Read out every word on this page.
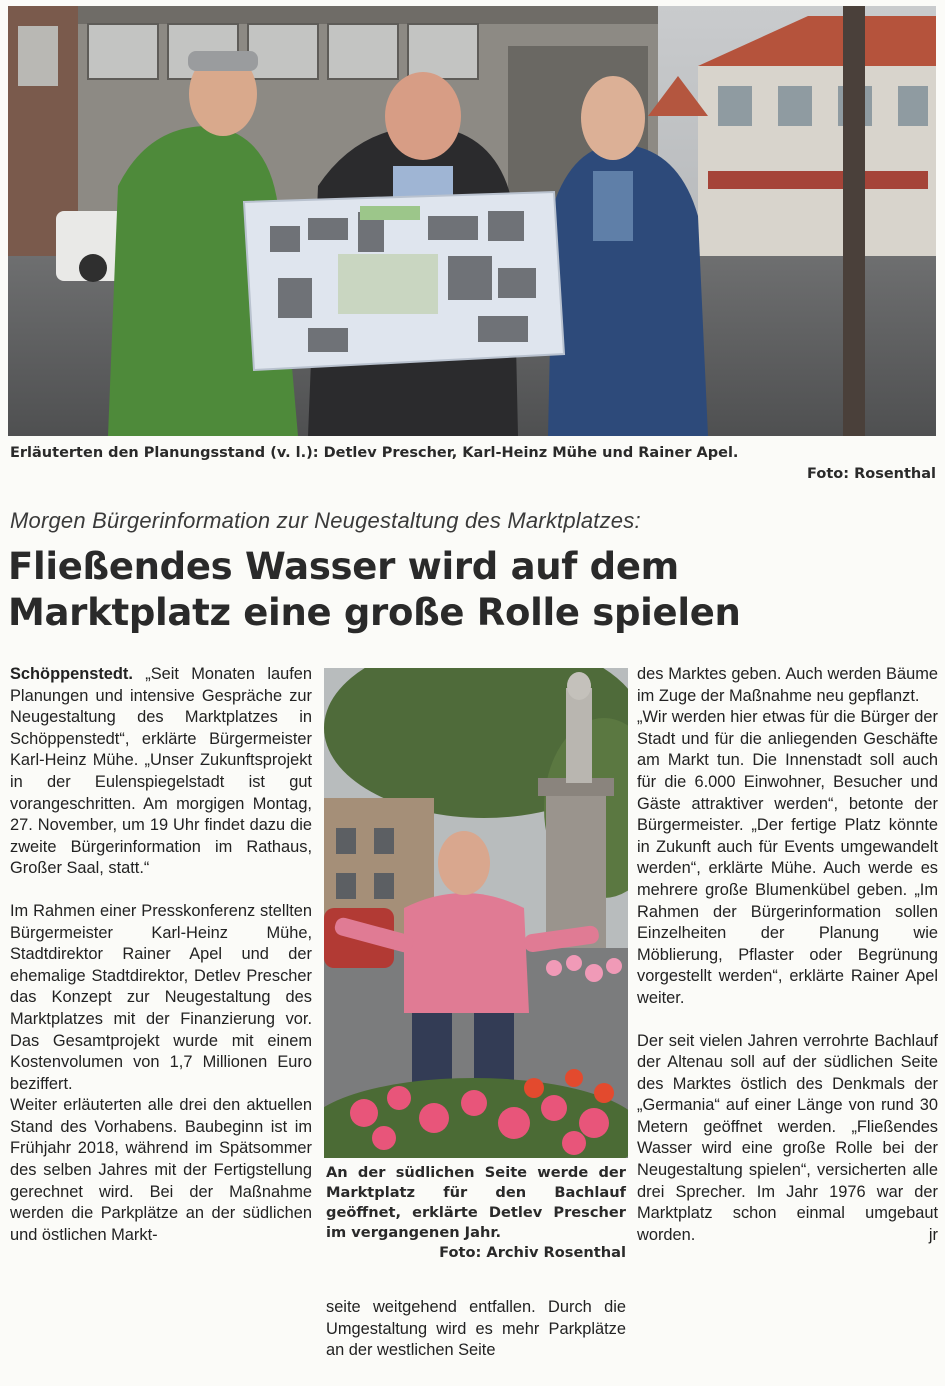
Erläuterten den Planungsstand (v. l.): Detlev Prescher, Karl-Heinz Mühe und Rainer Apel.
Foto: Rosenthal
Morgen Bürgerinformation zur Neugestaltung des Marktplatzes:
Fließendes Wasser wird auf dem
Marktplatz eine große Rolle spielen

Schöppenstedt. „Seit Monaten laufen Planungen und intensive Gespräche zur Neugestaltung des Marktplatzes in Schöppenstedt“, erklärte Bürgermeister Karl-Heinz Mühe. „Unser Zukunftsprojekt in der Eulenspiegelstadt ist gut vorangeschritten. Am morgigen Montag, 27. November, um 19 Uhr findet dazu die zweite Bürgerinformation im Rathaus, Großer Saal, statt.“

Im Rahmen einer Presskonferenz stellten Bürgermeister Karl-Heinz Mühe, Stadtdirektor Rainer Apel und der ehemalige Stadtdirektor, Detlev Prescher das Konzept zur Neugestaltung des Marktplatzes mit der Finanzierung vor. Das Gesamtprojekt wurde mit einem Kostenvolumen von 1,7 Millionen Euro beziffert.

Weiter erläuterten alle drei den aktuellen Stand des Vorhabens. Baubeginn ist im Frühjahr 2018, während im Spätsommer des selben Jahres mit der Fertigstellung gerechnet wird. Bei der Maßnahme werden die Parkplätze an der südlichen und östlichen Markt-

An der südlichen Seite werde der Marktplatz für den Bachlauf geöffnet, erklärte Detlev Prescher im vergangenen Jahr.
Foto: Archiv Rosenthal

seite weitgehend entfallen. Durch die Umgestaltung wird es mehr Parkplätze an der westlichen Seite

des Marktes geben. Auch werden Bäume im Zuge der Maßnahme neu gepflanzt.

„Wir werden hier etwas für die Bürger der Stadt und für die anliegenden Geschäfte am Markt tun. Die Innenstadt soll auch für die 6.000 Einwohner, Besucher und Gäste attraktiver werden“, betonte der Bürgermeister. „Der fertige Platz könnte in Zukunft auch für Events umgewandelt werden“, erklärte Mühe. Auch werde es mehrere große Blumenkübel geben. „Im Rahmen der Bürgerinformation sollen Einzelheiten der Planung wie Möblierung, Pflaster oder Begrünung vorgestellt werden“, erklärte Rainer Apel weiter.

Der seit vielen Jahren verrohrte Bachlauf der Altenau soll auf der südlichen Seite des Marktes östlich des Denkmals der „Germania“ auf einer Länge von rund 30 Metern geöffnet werden. „Fließendes Wasser wird eine große Rolle bei der Neugestaltung spielen“, versicherten alle drei Sprecher. Im Jahr 1976 war der Marktplatz schon einmal umgebaut worden.	jr
